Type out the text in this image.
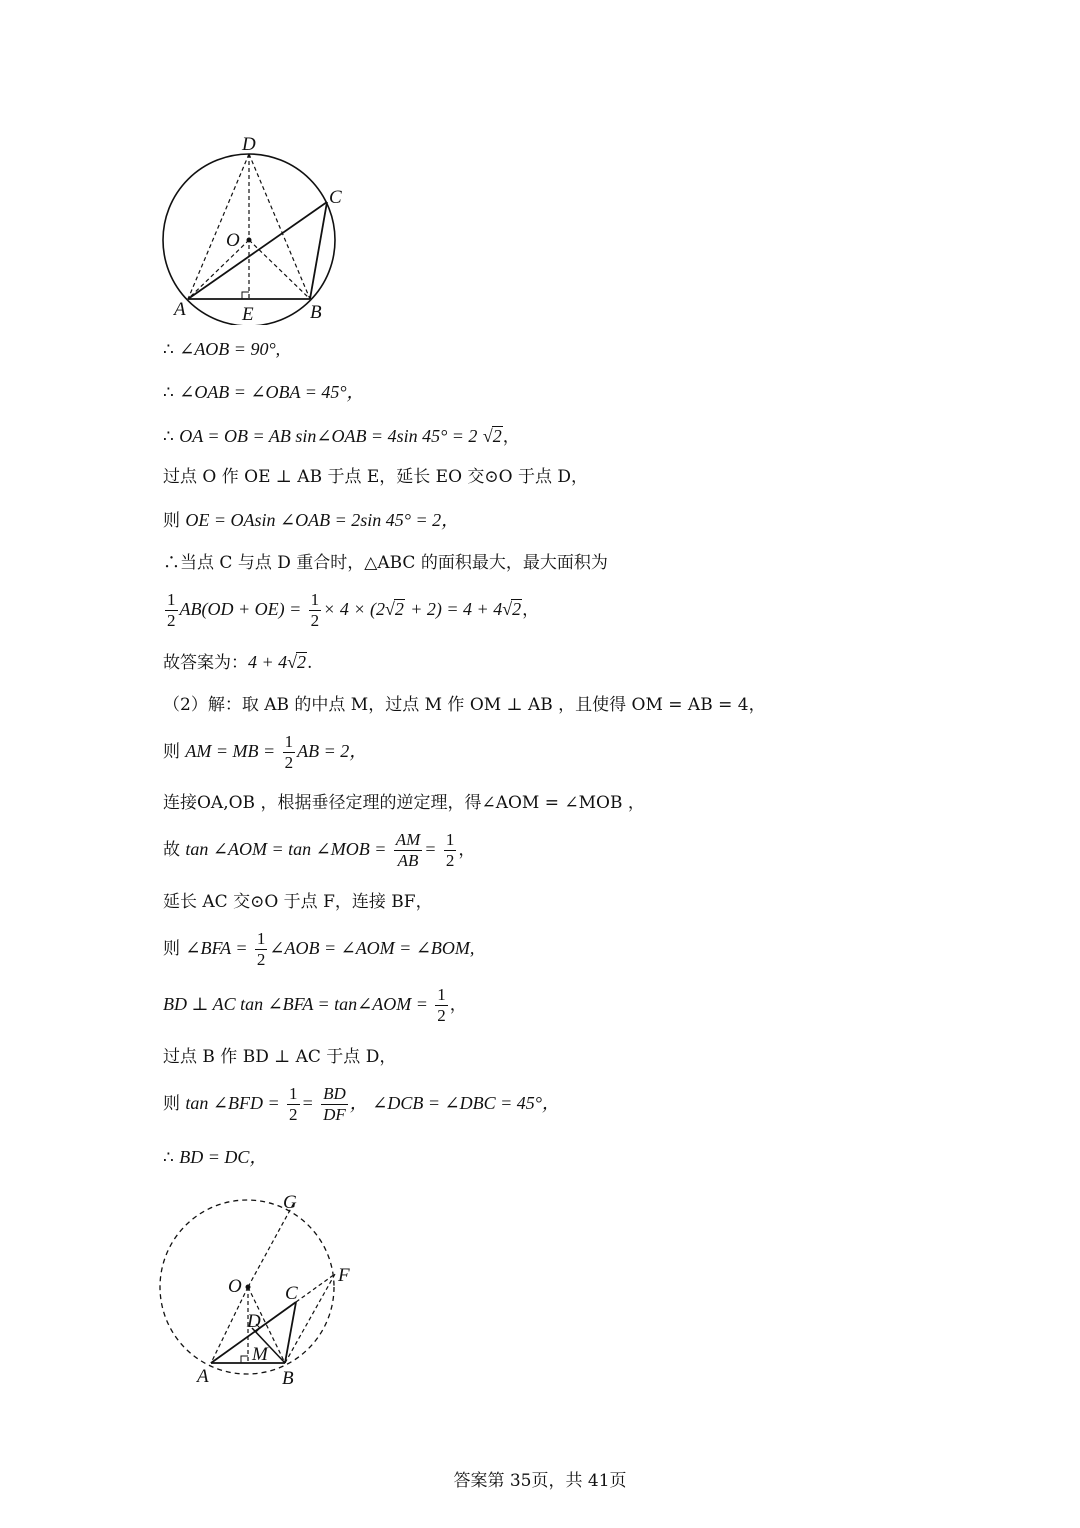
D
C
O
A	E	B
∴ ∠AOB = 90°,
∴ ∠OAB = ∠OBA = 45°，
∴ OA = OB = AB sin∠OAB = 4sin 45° = 2 √2，
过点 O 作 OE ⊥ AB 于点 E，延长 EO 交⊙O 于点 D，
则 OE = OAsin ∠OAB = 2sin 45° = 2，
∴当点 C 与点 D 重合时，△ABC 的面积最大，最大面积为
$\frac{1}{2} AB(OD + OE) = \frac{1}{2} \times 4 \times (2√2 + 2) = 4 + 4√2$，
故答案为：4 + 4√2.
（2）解：取 AB 的中点 M，过点 M 作 OM ⊥ AB ，且使得 OM = AB = 4，
则 AM = MB = $\frac{1}{2}$ AB = 2，
连接OA,OB ，根据垂径定理的逆定理，得∠AOM = ∠MOB ，
故 tan ∠AOM = tan ∠MOB = $\frac{AM}{AB} = \frac{1}{2}$ ，
延长 AC 交⊙O 于点 F，连接 BF，
则 ∠BFA = $\frac{1}{2}$ ∠AOB = ∠AOM = ∠BOM,
BD ⊥ AC tan ∠BFA = tan∠AOM = $\frac{1}{2}$ ，
过点 B 作 BD ⊥ AC 于点 D，
则 tan ∠BFD = $\frac{1}{2} = \frac{BD}{DF}$ ， ∠DCB = ∠DBC = 45°，
∴ BD = DC，
G
O C
F
D
M
A	B
答案第 35页，共 41页
